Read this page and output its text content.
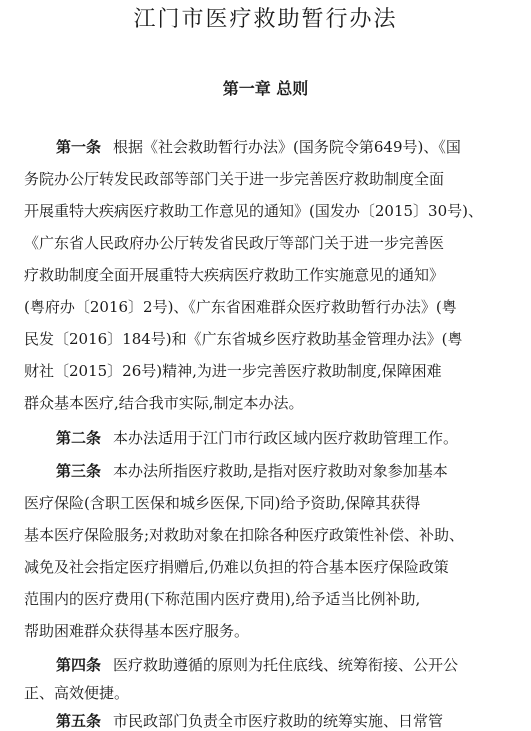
江门市医疗救助暂行办法
第一章 总则
第一条 根据《社会救助暂行办法》(国务院令第649号)、《国
务院办公厅转发民政部等部门关于进一步完善医疗救助制度全面
开展重特大疾病医疗救助工作意见的通知》(国发办〔2015〕30号)、
《广东省人民政府办公厅转发省民政厅等部门关于进一步完善医
疗救助制度全面开展重特大疾病医疗救助工作实施意见的通知》
(粤府办〔2016〕2号)、《广东省困难群众医疗救助暂行办法》(粤
民发〔2016〕184号)和《广东省城乡医疗救助基金管理办法》(粤
财社〔2015〕26号)精神,为进一步完善医疗救助制度,保障困难
群众基本医疗,结合我市实际,制定本办法。
第二条 本办法适用于江门市行政区域内医疗救助管理工作。
第三条 本办法所指医疗救助,是指对医疗救助对象参加基本
医疗保险(含职工医保和城乡医保,下同)给予资助,保障其获得
基本医疗保险服务;对救助对象在扣除各种医疗政策性补偿、补助、
减免及社会指定医疗捐赠后,仍难以负担的符合基本医疗保险政策
范围内的医疗费用(下称范围内医疗费用),给予适当比例补助,
帮助困难群众获得基本医疗服务。
第四条 医疗救助遵循的原则为托住底线、统筹衔接、公开公
正、高效便捷。
第五条 市民政部门负责全市医疗救助的统筹实施、日常管
